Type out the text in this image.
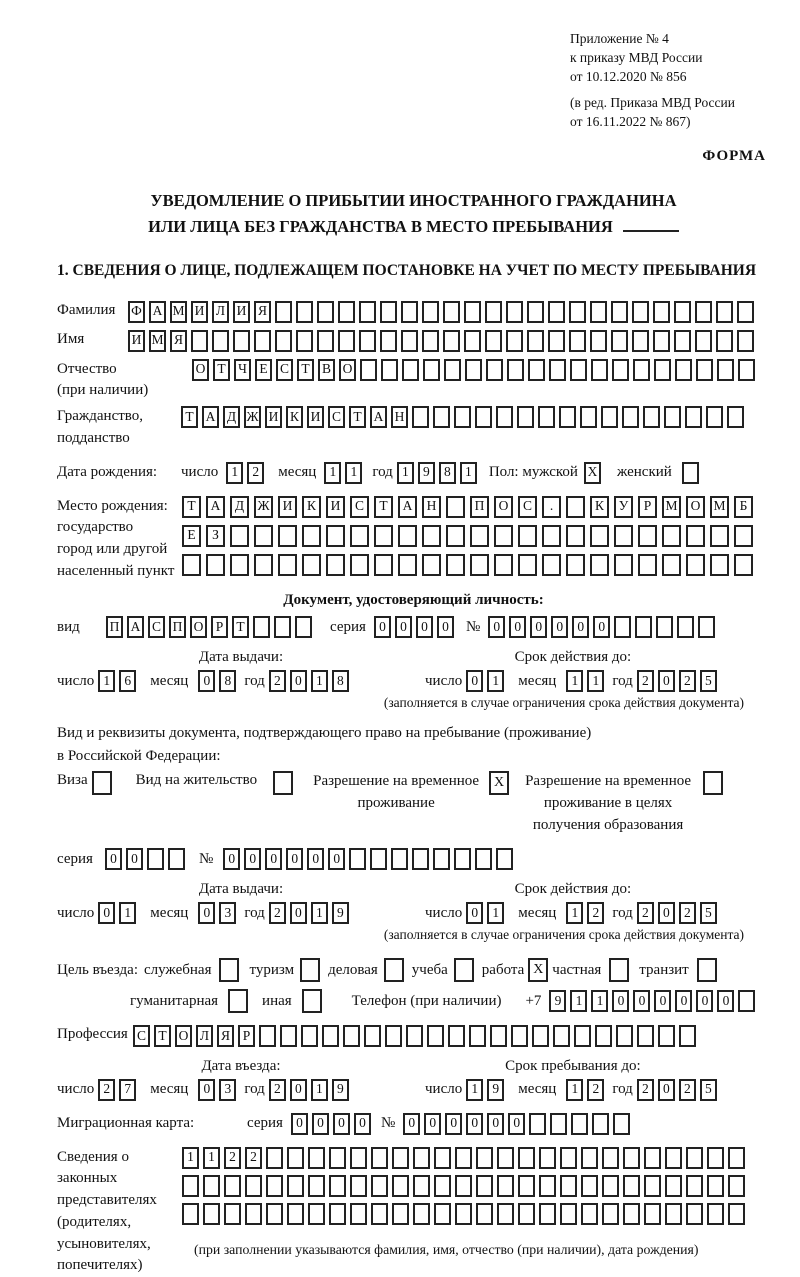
Приложение № 4
к приказу МВД России
от 10.12.2020 № 856
(в ред. Приказа МВД России
от 16.11.2022 № 867)
ФОРМА
УВЕДОМЛЕНИЕ О ПРИБЫТИИ ИНОСТРАННОГО ГРАЖДАНИНА
ИЛИ ЛИЦА БЕЗ ГРАЖДАНСТВА В МЕСТО ПРЕБЫВАНИЯ
1. СВЕДЕНИЯ О ЛИЦЕ, ПОДЛЕЖАЩЕМ ПОСТАНОВКЕ НА УЧЕТ ПО МЕСТУ ПРЕБЫВАНИЯ
Фамилия	Ф А М И Л И Я
Имя	И М Я
Отчество
(при наличии)
О Т Ч Е С Т В О
Гражданство,
подданство
Т А Д Ж И К И С Т А Н
Дата рождения:	число 1	2	месяц 1	1	год 1	9	8	1	Пол: мужской X женский
Место рождения:
государство
город или другой
населенный пункт
Т	А	Д Ж И	К	И	С	Т	А	Н	П	О	С	.	К	У	Р	М О М	Б
Е	З
Документ, удостоверяющий личность:
вид	П А С П О Р Т	серия 0	0	0	0	№ 0	0	0	0	0	0
Дата выдачи:
число 1	6	месяц	0	8 год 2	0	1	8
Срок действия до:
число 0	1	месяц	1	1 год 2	0	2	5
(заполняется в случае ограничения срока действия документа)
Вид и реквизиты документа, подтверждающего право на пребывание (проживание)
в Российской Федерации:
Виза	Вид на жительство	Разрешение на временное
проживание
X	Разрешение на временное
проживание в целях
получения образования
серия	0	0	№	0	0	0	0	0	0
Дата выдачи:
число 0	1	месяц	0	3 год 2	0	1	9
Срок действия до:
число 0	1	месяц	1	2 год 2	0	2	5
(заполняется в случае ограничения срока действия документа)
Цель въезда: служебная	туризм деловая учеба работа X частная	транзит
гуманитарная	иная	Телефон (при наличии) +7 9	1	1	0	0	0	0	0	0
Профессия С Т О Л Я Р
Дата въезда:
число 2	7	месяц	0	3 год 2	0	1	9
Срок пребывания до:
число 1	9	месяц	1	2 год 2	0	2	5
Миграционная карта:	серия 0	0	0	0	№ 0	0	0	0	0	0
Сведения о
законных
представителях
(родителях,
усыновителях,
попечителях)
1	1	2	2
(при заполнении указываются фамилия, имя, отчество (при наличии), дата рождения)
